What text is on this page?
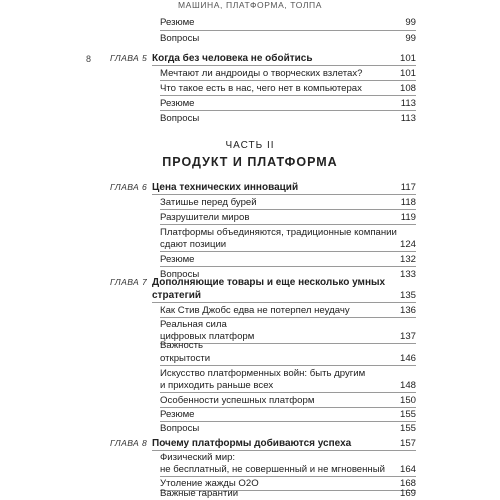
МАШИНА, ПЛАТФОРМА, ТОЛПА
Резюме	99
Вопросы	99
8 ГЛАВА 5 Когда без человека не обойтись	101
Мечтают ли андроиды о творческих взлетах?	101
Что такое есть в нас, чего нет в компьютерах	108
Резюме	113
Вопросы	113
ЧАСТЬ II
ПРОДУКТ И ПЛАТФОРМА
ГЛАВА 6 Цена технических инноваций	117
Затишье перед бурей	118
Разрушители миров	119
Платформы объединяются, традиционные компании
сдают позиции	124
Резюме	132
Вопросы	133
ГЛАВА 7 Дополняющие товары и еще несколько умных
стратегий	135
Как Стив Джобс едва не потерпел неудачу	136
Реальная сила
цифровых платформ	137
Важность
открытости	146
Искусство платформенных войн: быть другим
и приходить раньше всех	148
Особенности успешных платформ	150
Резюме	155
Вопросы	155
ГЛАВА 8 Почему платформы добиваются успеха	157
Физический мир:
не бесплатный, не совершенный и не мгновенный 164
Утоление жажды O2O	168
Важные гарантии	169
